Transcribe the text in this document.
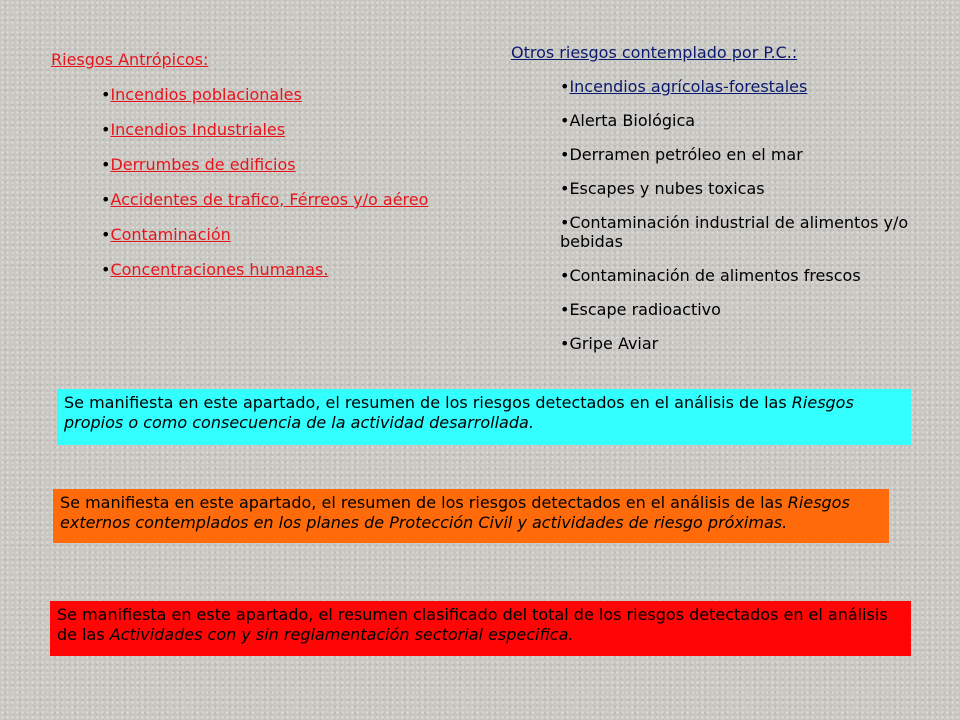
Riesgos Antrópicos:
•Incendios poblacionales
•Incendios Industriales
•Derrumbes de edificios
•Accidentes de trafico, Férreos y/o aéreo
•Contaminación
•Concentraciones humanas.
Otros riesgos contemplado por P.C.:
•Incendios agrícolas-forestales
•Alerta Biológica
•Derramen petróleo en el mar
•Escapes y nubes toxicas
•Contaminación industrial de alimentos y/o bebidas
•Contaminación de alimentos frescos
•Escape radioactivo
•Gripe Aviar
Se manifiesta en este apartado, el resumen de los riesgos detectados en el análisis de las Riesgos propios o como consecuencia de la actividad desarrollada.
Se manifiesta en este apartado, el resumen de los riesgos detectados en el análisis de las Riesgos externos contemplados en los planes de Protección Civil y actividades de riesgo próximas.
Se manifiesta en este apartado, el resumen clasificado del total de los riesgos detectados en el análisis de las Actividades con y sin reglamentación sectorial especifica.
